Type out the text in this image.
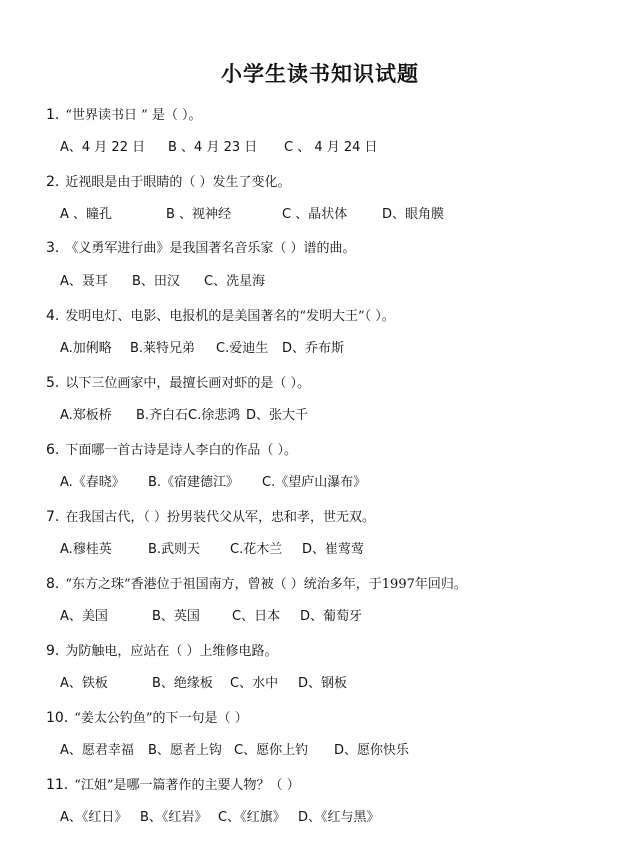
小学生读书知识试题
1. “世界读书日 ” 是（ ）。
A、4 月 22 日 B 、4 月 23 日 C 、 4 月 24 日
2. 近视眼是由于眼睛的（ ）发生了变化。
A 、瞳孔	B 、视神经	C 、晶状体	D、眼角膜
3. 《义勇军进行曲》是我国著名音乐家（ ）谱的曲。
A、聂耳 B、田汉 C、冼星海
4. 发明电灯、电影、电报机的是美国著名的“发明大王”（ ）。
A.加俐略 B.莱特兄弟 C.爱迪生 D、乔布斯
5. 以下三位画家中，最擅长画对虾的是（ ）。
A.郑板桥 B.齐白石 C.徐悲鸿 D、张大千
6. 下面哪一首古诗是诗人李白的作品（ ）。
A.《春晓》 B.《宿建德江》 C.《望庐山瀑布》
7. 在我国古代，（ ）扮男装代父从军，忠和孝，世无双。
A.穆桂英	B.武则天 C.花木兰 D、崔莺莺
8. “东方之珠”香港位于祖国南方，曾被（ ）统治多年，于1997年回归。
A、美国	B、英国 C、日本 D、葡萄牙
9. 为防触电，应站在（ ）上维修电路。
A、铁板	B、绝缘板 C、水中 D、钢板
10. “姜太公钓鱼”的下一句是（ ）
A、愿君幸福 B、愿者上钩 C、愿你上钓 D、愿你快乐
11. “江姐”是哪一篇著作的主要人物？（ ）
A、《红日》 B、《红岩》 C、《红旗》 D、《红与黑》
